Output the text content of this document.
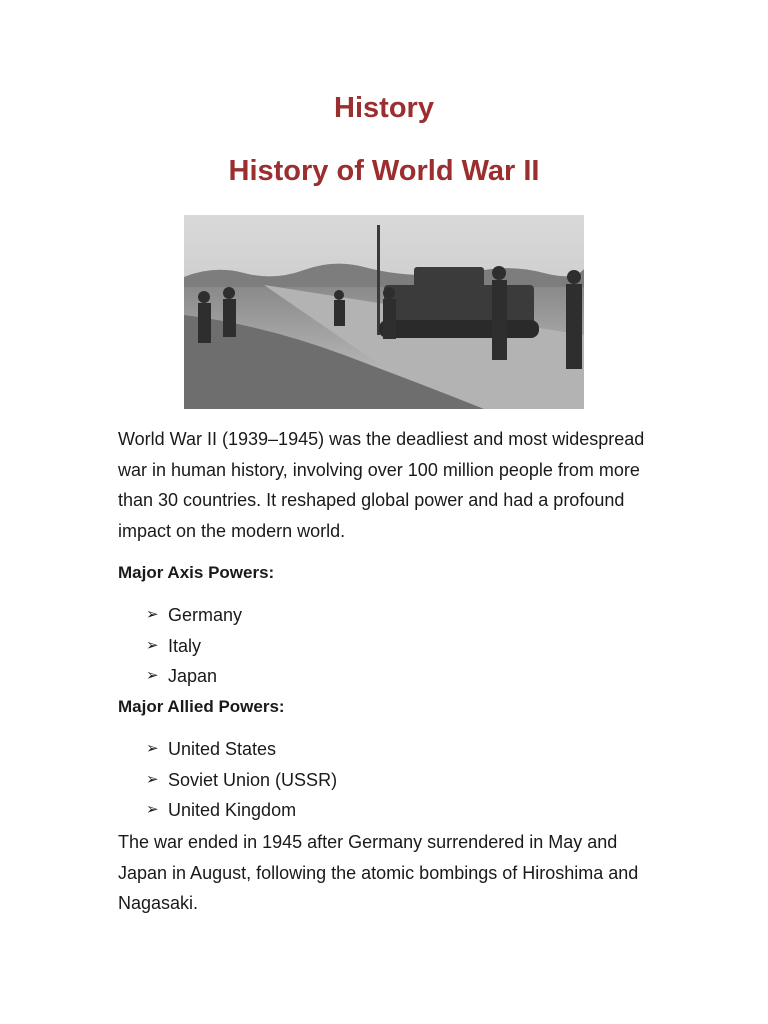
History
History of World War II

World War II (1939–1945) was the deadliest and most widespread war in human history, involving over 100 million people from more than 30 countries. It reshaped global power and had a profound impact on the modern world.

Major Axis Powers:

➢ Germany
➢ Italy
➢ Japan

Major Allied Powers:

➢ United States
➢ Soviet Union (USSR)
➢ United Kingdom

The war ended in 1945 after Germany surrendered in May and Japan in August, following the atomic bombings of Hiroshima and Nagasaki.
